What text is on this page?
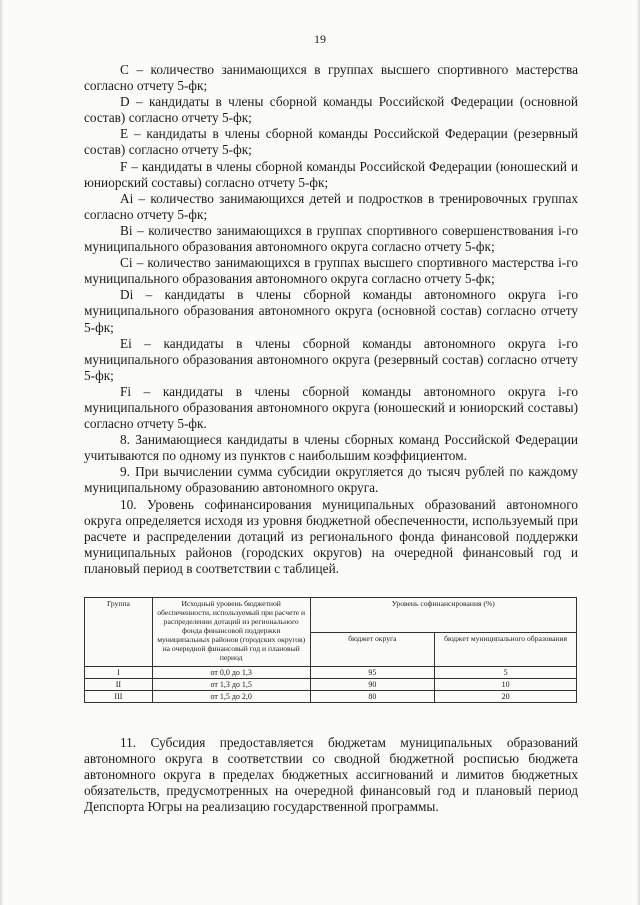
19

С – количество занимающихся в группах высшего спортивного мастерства согласно отчету 5-фк;

D – кандидаты в члены сборной команды Российской Федерации (основной состав) согласно отчету 5-фк;

Е – кандидаты в члены сборной команды Российской Федерации (резервный состав) согласно отчету 5-фк;

F – кандидаты в члены сборной команды Российской Федерации (юношеский и юниорский составы) согласно отчету 5-фк;

Ai – количество занимающихся детей и подростков в тренировочных группах согласно отчету 5-фк;

Bi – количество занимающихся в группах спортивного совершенствования i-го муниципального образования автономного округа согласно отчету 5-фк;

Ci – количество занимающихся в группах высшего спортивного мастерства i-го муниципального образования автономного округа согласно отчету 5-фк;

Di – кандидаты в члены сборной команды автономного округа i-го муниципального образования автономного округа (основной состав) согласно отчету 5-фк;

Ei – кандидаты в члены сборной команды автономного округа i-го муниципального образования автономного округа (резервный состав) согласно отчету 5-фк;

Fi – кандидаты в члены сборной команды автономного округа i-го муниципального образования автономного округа (юношеский и юниорский составы) согласно отчету 5-фк.

8. Занимающиеся кандидаты в члены сборных команд Российской Федерации учитываются по одному из пунктов с наибольшим коэффициентом.

9. При вычислении сумма субсидии округляется до тысяч рублей по каждому муниципальному образованию автономного округа.

10. Уровень софинансирования муниципальных образований автономного округа определяется исходя из уровня бюджетной обеспеченности, используемый при расчете и распределении дотаций из регионального фонда финансовой поддержки муниципальных районов (городских округов) на очередной финансовый год и плановый период в соответствии с таблицей.

Группа	Исходный уровень бюджетной обеспеченности, используемый при расчете и распределении дотаций из регионального фонда финансовой поддержки муниципальных районов (городских округов) на очередной финансовый год и плановый период	Уровень софинансирования (%)	
		бюджет округа	бюджет муниципального образования
I	от 0,0 до 1,3	95	5
II	от 1,3 до 1,5	90	10
III	от 1,5 до 2,0	80	20

11. Субсидия предоставляется бюджетам муниципальных образований автономного округа в соответствии со сводной бюджетной росписью бюджета автономного округа в пределах бюджетных ассигнований и лимитов бюджетных обязательств, предусмотренных на очередной финансовый год и плановый период Депспорта Югры на реализацию государственной программы.
